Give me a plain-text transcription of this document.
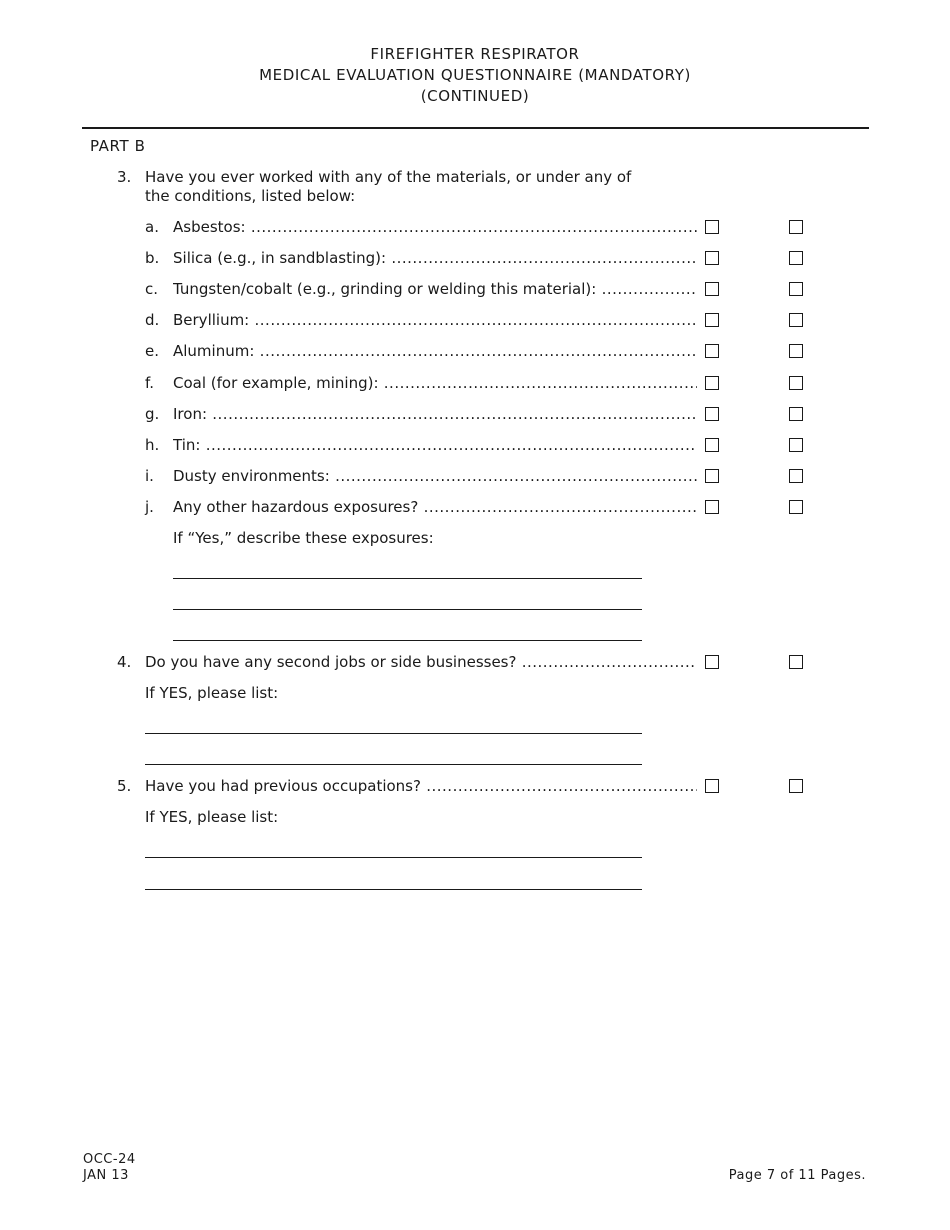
FIREFIGHTER RESPIRATOR
MEDICAL EVALUATION QUESTIONNAIRE (MANDATORY)
(CONTINUED)
PART B
3. Have you ever worked with any of the materials, or under any of
the conditions, listed below:
a. Asbestos: .....
b. Silica (e.g., in sandblasting): .....
c. Tungsten/cobalt (e.g., grinding or welding this material): .....
d. Beryllium: .....
e. Aluminum: .....
f. Coal (for example, mining): .....
g. Iron: .....
h. Tin: .....
i. Dusty environments: .....
j. Any other hazardous exposures? .....
If “Yes,” describe these exposures:
4. Do you have any second jobs or side businesses? .....
If YES, please list:
5. Have you had previous occupations? .....
If YES, please list:
OCC-24
JAN 13	Page 7 of 11 Pages.
